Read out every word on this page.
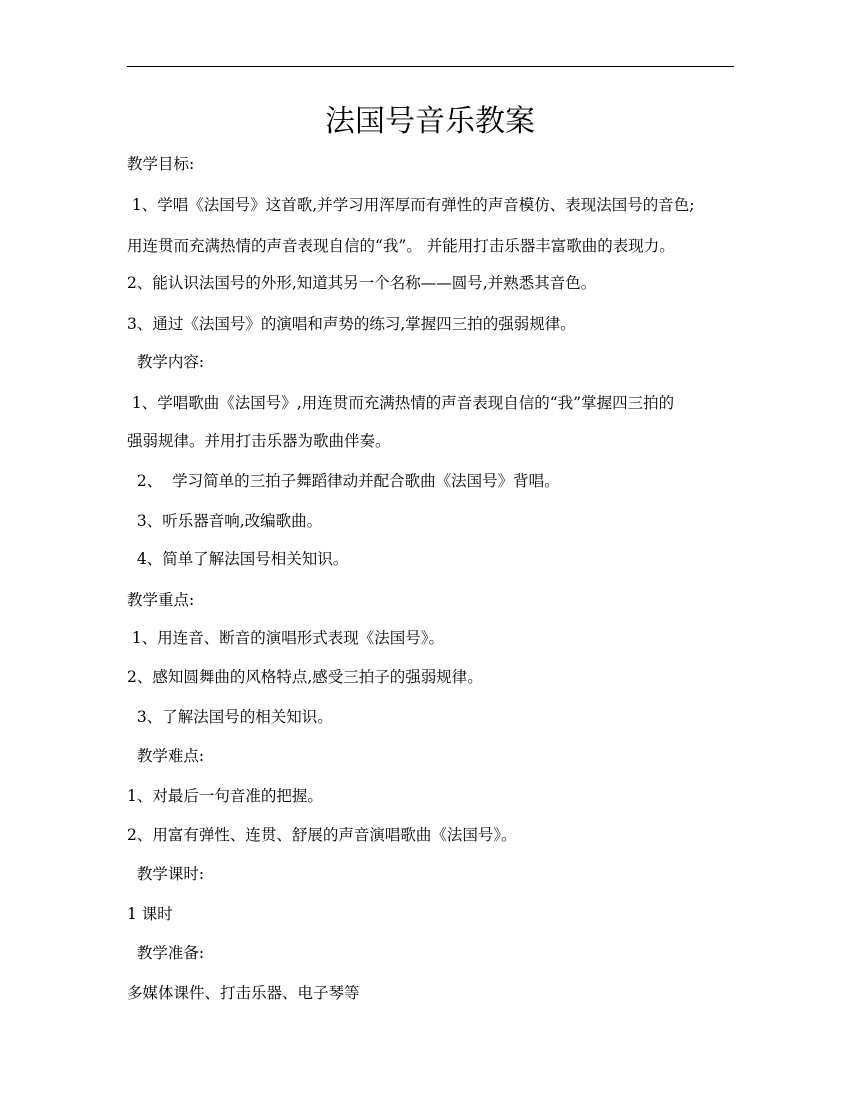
法国号音乐教案
教学目标:
1、学唱《法国号》这首歌,并学习用浑厚而有弹性的声音模仿、表现法国号的音色;
用连贯而充满热情的声音表现自信的“我”。 并能用打击乐器丰富歌曲的表现力。
2、能认识法国号的外形,知道其另一个名称——圆号,并熟悉其音色。
3、通过《法国号》的演唱和声势的练习,掌握四三拍的强弱规律。
教学内容:
1、学唱歌曲《法国号》,用连贯而充满热情的声音表现自信的“我”掌握四三拍的
强弱规律。并用打击乐器为歌曲伴奏。
2、  学习简单的三拍子舞蹈律动并配合歌曲《法国号》背唱。
3、听乐器音响,改编歌曲。
4、简单了解法国号相关知识。
教学重点:
1、用连音、断音的演唱形式表现《法国号》。
2、感知圆舞曲的风格特点,感受三拍子的强弱规律。
3、了解法国号的相关知识。
教学难点:
1、对最后一句音准的把握。
2、用富有弹性、连贯、舒展的声音演唱歌曲《法国号》。
教学课时:
1 课时
教学准备:
多媒体课件、打击乐器、电子琴等
